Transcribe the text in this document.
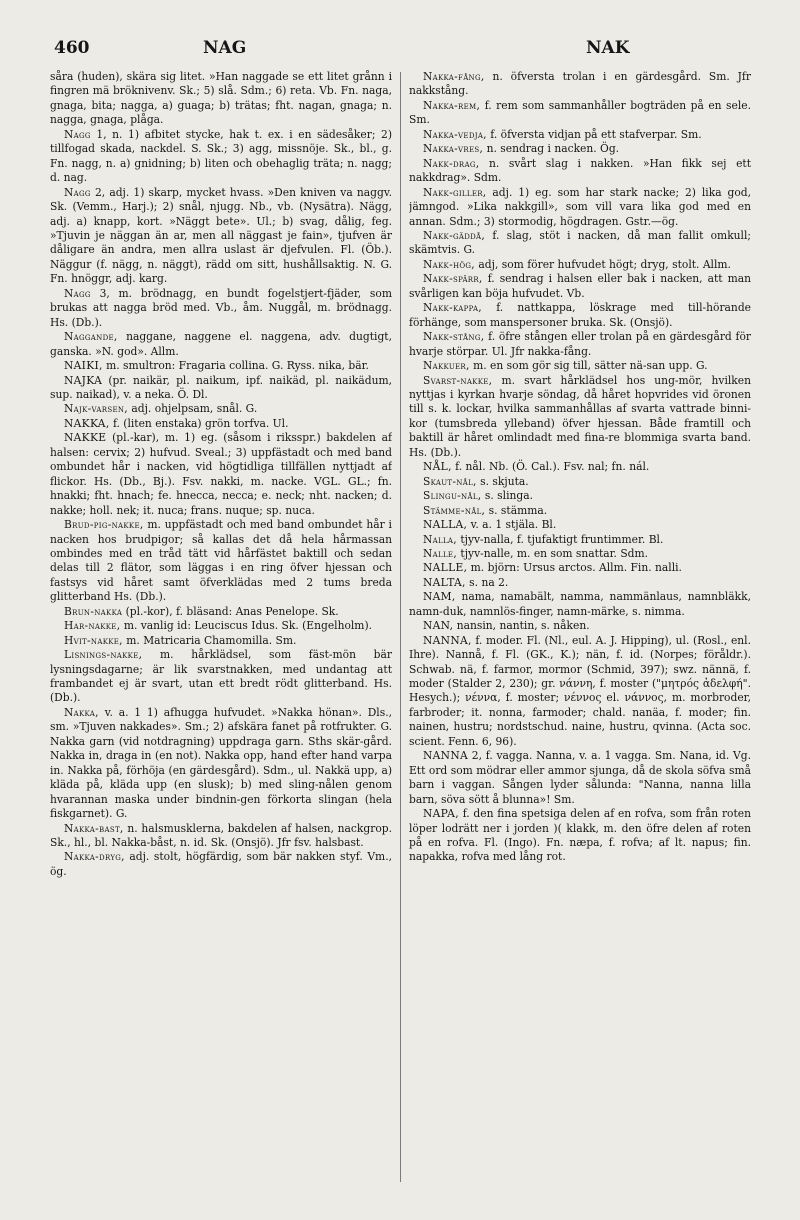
460	NAG	NAK

såra (huden), skära sig litet. »Han naggade se ett litet grånn i fingren mä bröknivenv. Sk.; 5) slå. Sdm.; 6) reta. Vb. Fn. naga, gnaga, bita; nagga, a) guaga; b) trätas; fht. nagan, gnaga; n. nagga, gnaga, plåga.

Nagg 1, n. 1) afbitet stycke, hak t. ex. i en sädesåker; 2) tillfogad skada, nackdel. S. Sk.; 3) agg, missnöje. Sk., bl., g. Fn. nagg, n. a) gnidning; b) liten och obehaglig träta; n. nagg; d. nag.

Nagg 2, adj. 1) skarp, mycket hvass. »Den kniven va naggv. Sk. (Vemm., Harj.); 2) snål, njugg. Nb., vb. (Nysätra). Nägg, adj. a) knapp, kort. »Näggt bete». Ul.; b) svag, dålig, feg. »Tjuvin je näggan än ar, men all näggast je fain», tjufven är dåligare än andra, men allra uslast är djefvulen. Fl. (Öb.). Näggur (f. nägg, n. näggt), rädd om sitt, hushållsaktig. N. G. Fn. hnöggr, adj. karg.

Nagg 3, m. brödnagg, en bundt fogelstjert-fjäder, som brukas att nagga bröd med. Vb., åm. Nuggål, m. brödnagg. Hs. (Db.).

Naggande, naggane, naggene el. naggena, adv. dugtigt, ganska. »N. god». Allm.

NAIKI, m. smultron: Fragaria collina. G. Ryss. nika, bär.

NAJKA (pr. naikär, pl. naikum, ipf. naikäd, pl. naikädum, sup. naikad), v. a neka. Ö. Dl.

Najk-varsen, adj. ohjelpsam, snål. G.

NAKKA, f. (liten enstaka) grön torfva. Ul.

NAKKE (pl.-kar), m. 1) eg. (såsom i riksspr.) bakdelen af halsen: cervix; 2) hufvud. Sveal.; 3) uppfästadt och med band ombundet hår i nacken, vid högtidliga tillfällen nyttjadt af flickor. Hs. (Db., Bj.). Fsv. nakki, m. nacke. VGL. GL.; fn. hnakki; fht. hnach; fe. hnecca, necca; e. neck; nht. nacken; d. nakke; holl. nek; it. nuca; frans. nuque; sp. nuca.

Brud-pig-nakke, m. uppfästadt och med band ombundet hår i nacken hos brudpigor; så kallas det då hela hårmassan ombindes med en tråd tätt vid hårfästet baktill och sedan delas till 2 flätor, som läggas i en ring öfver hjessan och fastsys vid håret samt öfverklädas med 2 tums breda glitterband Hs. (Db.).

Brun-nakka (pl.-kor), f. bläsand: Anas Penelope. Sk.

Har-nakke, m. vanlig id: Leuciscus Idus. Sk. (Engelholm).

Hvit-nakke, m. Matricaria Chamomilla. Sm.

Lisnings-nakke, m. hårklädsel, som fäst-mön bär lysningsdagarne; är lik svarstnakken, med undantag att frambandet ej är svart, utan ett bredt rödt glitterband. Hs. (Db.).

Nakka, v. a. 1 1) afhugga hufvudet. »Nakka hönan». Dls., sm. »Tjuven nakkades». Sm.; 2) afskära fanet på rotfrukter. G. Nakka garn (vid notdragning) uppdraga garn. Sths skär-gård. Nakka in, draga in (en not). Nakka opp, hand efter hand varpa in. Nakka på, förhöja (en gärdesgård). Sdm., ul. Nakkä upp, a) kläda på, kläda upp (en slusk); b) med sling-nålen genom hvarannan maska under bindnin-gen förkorta slingan (hela fiskgarnet). G.

Nakka-bast, n. halsmusklerna, bakdelen af halsen, nackgrop. Sk., hl., bl. Nakka-båst, n. id. Sk. (Onsjö). Jfr fsv. halsbast.

Nakka-dryg, adj. stolt, högfärdig, som bär nakken styf. Vm., ög.

Nakka-fång, n. öfversta trolan i en gärdesgård. Sm. Jfr nakkstång.

Nakka-rem, f. rem som sammanhåller bogträden på en sele. Sm.

Nakka-vedja, f. öfversta vidjan på ett stafverpar. Sm.

Nakka-vres, n. sendrag i nacken. Ög.

Nakk-drag, n. svårt slag i nakken. »Han fikk sej ett nakkdrag». Sdm.

Nakk-giller, adj. 1) eg. som har stark nacke; 2) lika god, jämngod. »Lika nakkgill», som vill vara lika god med en annan. Sdm.; 3) stormodig, högdragen. Gstr.—ög.

Nakk-gäddå, f. slag, stöt i nacken, då man fallit omkull; skämtvis. G.

Nakk-hög, adj, som förer hufvudet högt; dryg, stolt. Allm.

Nakk-spärr, f. sendrag i halsen eller bak i nacken, att man svårligen kan böja hufvudet. Vb.

Nakk-kappa, f. nattkappa, löskrage med till-hörande förhänge, som manspersoner bruka. Sk. (Onsjö).

Nakk-stång, f. öfre stången eller trolan på en gärdesgård för hvarje störpar. Ul. Jfr nakka-fång.

Nakkuer, m. en som gör sig till, sätter nä-san upp. G.

Svarst-nakke, m. svart hårklädsel hos ung-mör, hvilken nyttjas i kyrkan hvarje söndag, då håret hopvrides vid öronen till s. k. lockar, hvilka sammanhållas af svarta vattrade binni-kor (tumsbreda ylleband) öfver hjessan. Både framtill och baktill är håret omlindadt med fina-re blommiga svarta band. Hs. (Db.).

NÅL, f. nål. Nb. (Ö. Cal.). Fsv. nal; fn. nál.

Skaut-nål, s. skjuta.

Slingu-nål, s. slinga.

Stämme-nål, s. stämma.

NALLA, v. a. 1 stjäla. Bl.

Nalla, tjyv-nalla, f. tjufaktigt fruntimmer. Bl.

Nalle, tjyv-nalle, m. en som snattar. Sdm.

NALLE, m. björn: Ursus arctos. Allm. Fin. nalli.

NALTA, s. na 2.

NAM, nama, namabält, namma, nammänlaus, namnbläkk, namn-duk, namnlös-finger, namn-märke, s. nimma.

NAN, nansin, nantin, s. nåken.

NANNA, f. moder. Fl. (Nl., eul. A. J. Hipping), ul. (Rosl., enl. Ihre). Nannå, f. Fl. (GK., K.); nän, f. id. (Norpes; föråldr.). Schwab. nä, f. farmor, mormor (Schmid, 397); swz. nännä, f. moder (Stalder 2, 230); gr. νάννη, f. moster ("μητρός ἀδελφή". Hesych.); νέννα, f. moster; νέννος el. νάννος, m. morbroder, farbroder; it. nonna, farmoder; chald. nanäa, f. moder; fin. nainen, hustru; nordstschud. naine, hustru, qvinna. (Acta soc. scient. Fenn. 6, 96).

NANNA 2, f. vagga. Nanna, v. a. 1 vagga. Sm. Nana, id. Vg. Ett ord som mödrar eller ammor sjunga, då de skola söfva små barn i vaggan. Sången lyder sålunda: "Nanna, nanna lilla barn, söva sött å blunna»! Sm.

NAPA, f. den fina spetsiga delen af en rofva, som från roten löper lodrätt ner i jorden )( klakk, m. den öfre delen af roten på en rofva. Fl. (Ingo). Fn. næpa, f. rofva; af lt. napus; fin. napakka, rofva med lång rot.
